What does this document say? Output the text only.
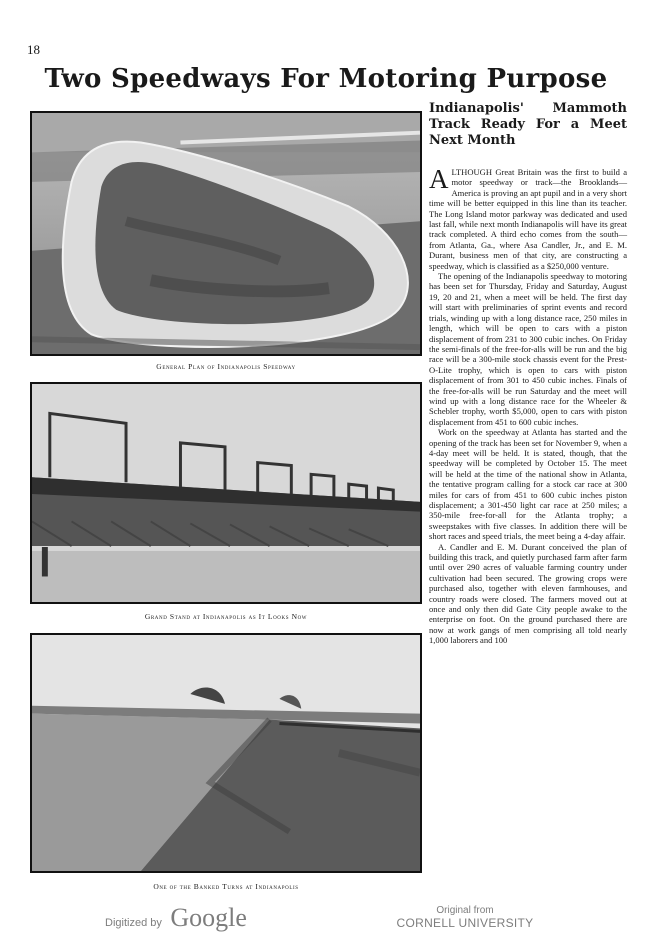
18
Two Speedways For Motoring Purpose
General Plan of Indianapolis Speedway
Grand Stand at Indianapolis as It Looks Now
One of the Banked Turns at Indianapolis
Indianapolis' Mammoth Track Ready For a Meet Next Month

ALTHOUGH Great Britain was the first to build a motor speedway or track—the Brooklands—America is proving an apt pupil and in a very short time will be better equipped in this line than its teacher. The Long Island motor parkway was dedicated and used last fall, while next month Indianapolis will have its great track completed. A third echo comes from the south—from Atlanta, Ga., where Asa Candler, Jr., and E. M. Durant, business men of that city, are constructing a speedway, which is classified as a $250,000 venture.

The opening of the Indianapolis speedway to motoring has been set for Thursday, Friday and Saturday, August 19, 20 and 21, when a meet will be held. The first day will start with preliminaries of sprint events and record trials, winding up with a long distance race, 250 miles in length, which will be open to cars with a piston displacement of from 231 to 300 cubic inches. On Friday the semi-finals of the free-for-alls will be run and the big race will be a 300-mile stock chassis event for the Prest-O-Lite trophy, which is open to cars with piston displacement of from 301 to 450 cubic inches. Finals of the free-for-alls will be run Saturday and the meet will wind up with a long distance race for the Wheeler & Schebler trophy, worth $5,000, open to cars with piston displacement from 451 to 600 cubic inches.

Work on the speedway at Atlanta has started and the opening of the track has been set for November 9, when a 4-day meet will be held. It is stated, though, that the speedway will be completed by October 15. The meet will be held at the time of the national show in Atlanta, the tentative program calling for a stock car race at 300 miles for cars of from 451 to 600 cubic inches piston displacement; a 301-450 light car race at 250 miles; a 350-mile free-for-all for the Atlanta trophy; a sweepstakes with five classes. In addition there will be short races and speed trials, the meet being a 4-day affair.

A. Candler and E. M. Durant conceived the plan of building this track, and quietly purchased farm after farm until over 290 acres of valuable farming country under cultivation had been secured. The growing crops were purchased also, together with eleven farmhouses, and country roads were closed. The farmers moved out at once and only then did Gate City people awake to the enterprise on foot. On the ground purchased there are now at work gangs of men comprising all told nearly 1,000 laborers and 100

Digitized by Google	Original from
CORNELL UNIVERSITY
